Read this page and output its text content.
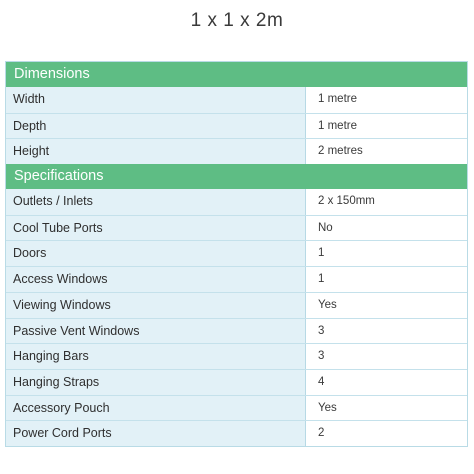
1 x 1 x 2m
Dimensions
Width	1 metre
Depth	1 metre
Height	2 metres
Specifications
Outlets / Inlets	2 x 150mm
Cool Tube Ports	No
Doors	1
Access Windows	1
Viewing Windows	Yes
Passive Vent Windows	3
Hanging Bars	3
Hanging Straps	4
Accessory Pouch	Yes
Power Cord Ports	2
